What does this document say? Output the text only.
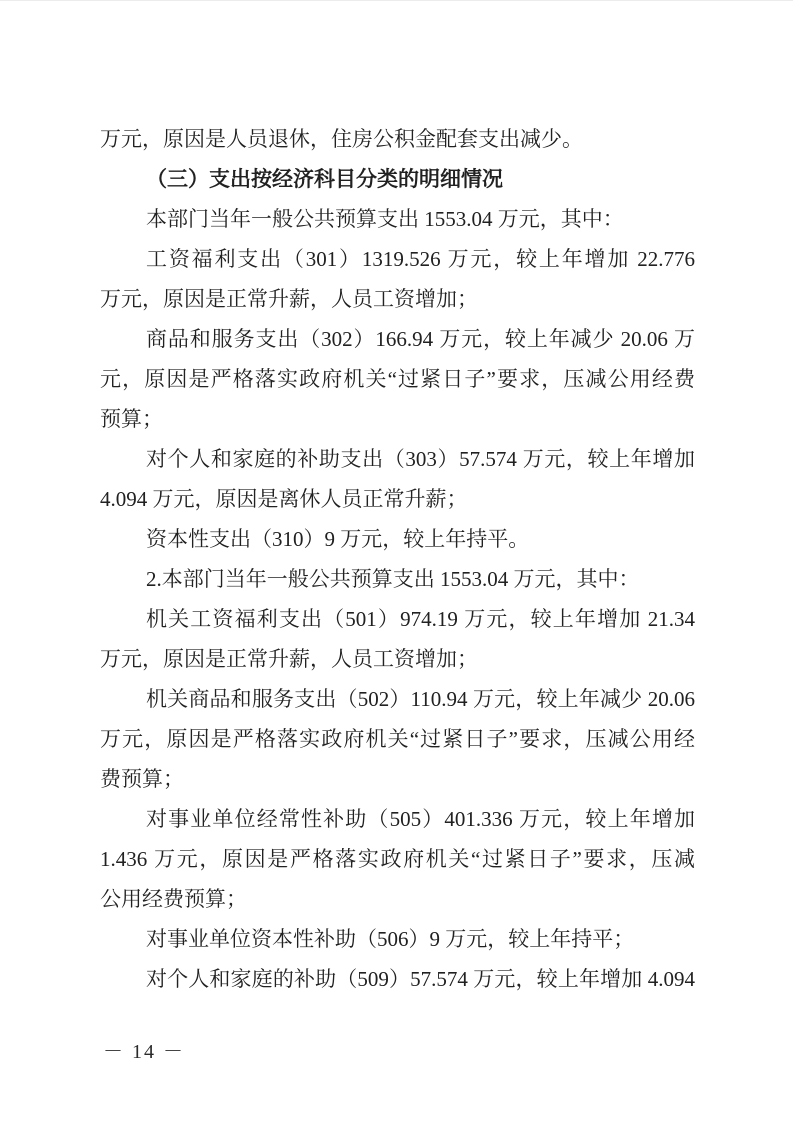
万元，原因是人员退休，住房公积金配套支出减少。
（三）支出按经济科目分类的明细情况
本部门当年一般公共预算支出 1553.04 万元，其中：
工资福利支出（301）1319.526 万元，较上年增加 22.776
万元，原因是正常升薪，人员工资增加；
商品和服务支出（302）166.94 万元，较上年减少 20.06 万
元，原因是严格落实政府机关“过紧日子”要求，压减公用经费
预算；
对个人和家庭的补助支出（303）57.574 万元，较上年增加
4.094 万元，原因是离休人员正常升薪；
资本性支出（310）9 万元，较上年持平。
2.本部门当年一般公共预算支出 1553.04 万元，其中：
机关工资福利支出（501）974.19 万元，较上年增加 21.34
万元，原因是正常升薪，人员工资增加；
机关商品和服务支出（502）110.94 万元，较上年减少 20.06
万元，原因是严格落实政府机关“过紧日子”要求，压减公用经
费预算；
对事业单位经常性补助（505）401.336 万元，较上年增加
1.436 万元，原因是严格落实政府机关“过紧日子”要求，压减
公用经费预算；
对事业单位资本性补助（506）9 万元，较上年持平；
对个人和家庭的补助（509）57.574 万元，较上年增加 4.094
－ 14 －
